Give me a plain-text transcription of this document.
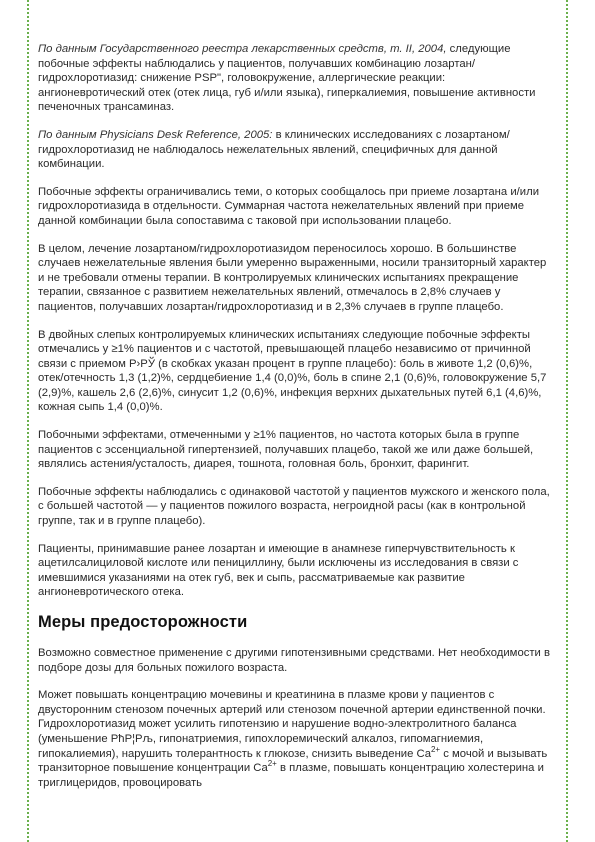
По данным Государственного реестра лекарственных средств, т. II, 2004, следующие побочные эффекты наблюдались у пациентов, получавших комбинацию лозартан/гидрохлоротиазид: снижение РЅР", головокружение, аллергические реакции: ангионевротический отек (отек лица, губ и/или языка), гиперкалиемия, повышение активности печеночных трансаминаз.

По данным Physicians Desk Reference, 2005: в клинических исследованиях с лозартаном/гидрохлоротиазид не наблюдалось нежелательных явлений, специфичных для данной комбинации.

Побочные эффекты ограничивались теми, о которых сообщалось при приеме лозартана и/или гидрохлоротиазида в отдельности. Суммарная частота нежелательных явлений при приеме данной комбинации была сопоставима с таковой при использовании плацебо.

В целом, лечение лозартаном/гидрохлоротиазидом переносилось хорошо. В большинстве случаев нежелательные явления были умеренно выраженными, носили транзиторный характер и не требовали отмены терапии. В контролируемых клинических испытаниях прекращение терапии, связанное с развитием нежелательных явлений, отмечалось в 2,8% случаев у пациентов, получавших лозартан/гидрохлоротиазид и в 2,3% случаев в группе плацебо.

В двойных слепых контролируемых клинических испытаниях следующие побочные эффекты отмечались у ≥1% пациентов и с частотой, превышающей плацебо независимо от причинной связи с приемом Р›РЎ (в скобках указан процент в группе плацебо): боль в животе 1,2 (0,6)%, отек/отечность 1,3 (1,2)%, сердцебиение 1,4 (0,0)%, боль в спине 2,1 (0,6)%, головокружение 5,7 (2,9)%, кашель 2,6 (2,6)%, синусит 1,2 (0,6)%, инфекция верхних дыхательных путей 6,1 (4,6)%, кожная сыпь 1,4 (0,0)%.

Побочными эффектами, отмеченными у ≥1% пациентов, но частота которых была в группе пациентов с эссенциальной гипертензией, получавших плацебо, такой же или даже большей, являлись астения/усталость, диарея, тошнота, головная боль, бронхит, фарингит.

Побочные эффекты наблюдались с одинаковой частотой у пациентов мужского и женского пола, с большей частотой — у пациентов пожилого возраста, негроидной расы (как в контрольной группе, так и в группе плацебо).

Пациенты, принимавшие ранее лозартан и имеющие в анамнезе гиперчувствительность к ацетилсалициловой кислоте или пенициллину, были исключены из исследования в связи с имевшимися указаниями на отек губ, век и сыпь, рассматриваемые как развитие ангионевротического отека.

Меры предосторожности

Возможно совместное применение с другими гипотензивными средствами. Нет необходимости в подборе дозы для больных пожилого возраста.

Может повышать концентрацию мочевины и креатинина в плазме крови у пациентов с двусторонним стенозом почечных артерий или стенозом почечной артерии единственной почки. Гидрохлоротиазид может усилить гипотензию и нарушение водно-электролитного баланса (уменьшение РћР¦Рљ, гипонатриемия, гипохлоремический алкалоз, гипомагниемия, гипокалиемия), нарушить толерантность к глюкозе, снизить выведение $Ca^{2+}$ с мочой и вызывать транзиторное повышение концентрации $Ca^{2+}$ в плазме, повышать концентрацию холестерина и триглицеридов, провоцировать
